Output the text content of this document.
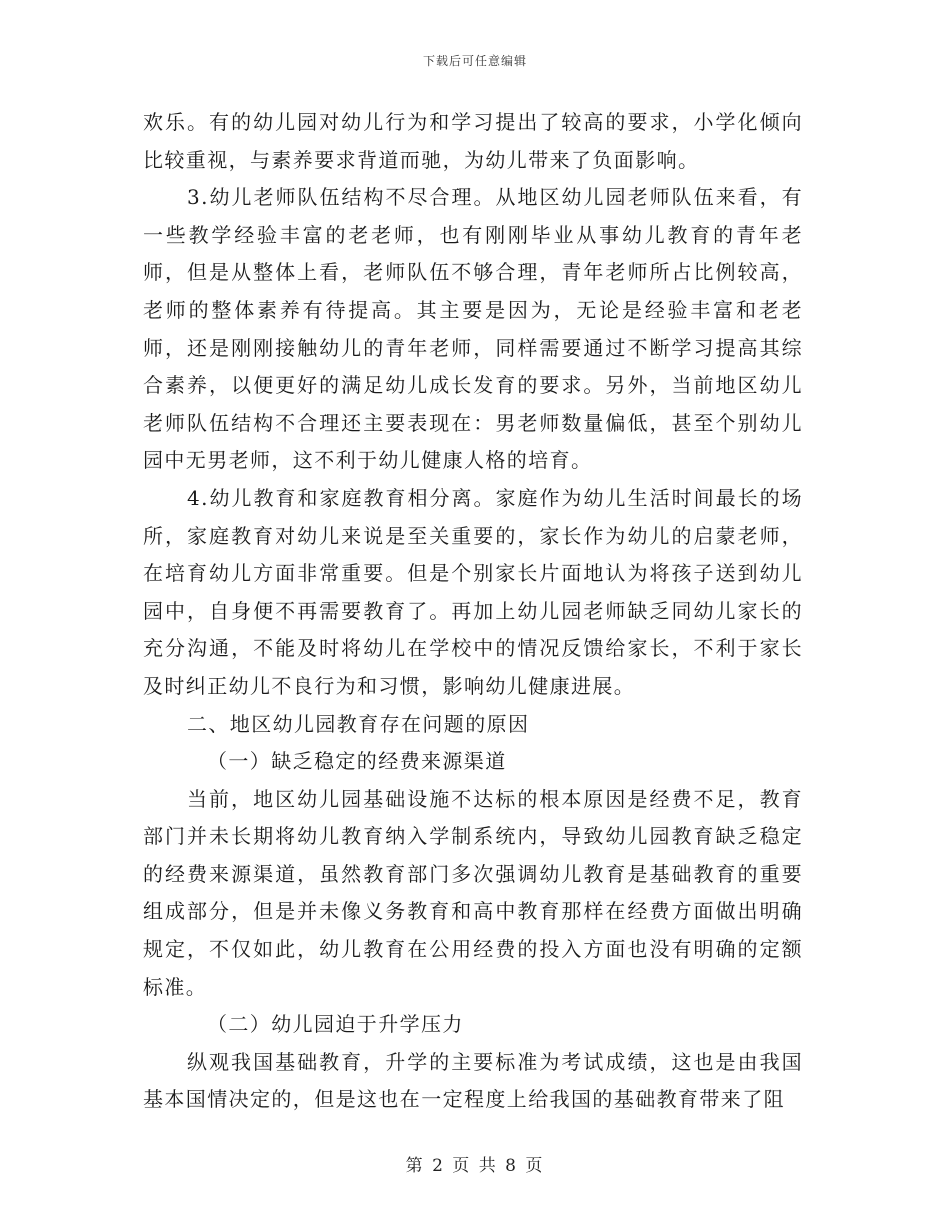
下载后可任意编辑

欢乐。有的幼儿园对幼儿行为和学习提出了较高的要求，小学化倾向比较重视，与素养要求背道而驰，为幼儿带来了负面影响。

3.幼儿老师队伍结构不尽合理。从地区幼儿园老师队伍来看，有一些教学经验丰富的老老师，也有刚刚毕业从事幼儿教育的青年老师，但是从整体上看，老师队伍不够合理，青年老师所占比例较高，老师的整体素养有待提高。其主要是因为，无论是经验丰富和老老师，还是刚刚接触幼儿的青年老师，同样需要通过不断学习提高其综合素养，以便更好的满足幼儿成长发育的要求。另外，当前地区幼儿老师队伍结构不合理还主要表现在：男老师数量偏低，甚至个别幼儿园中无男老师，这不利于幼儿健康人格的培育。

4.幼儿教育和家庭教育相分离。家庭作为幼儿生活时间最长的场所，家庭教育对幼儿来说是至关重要的，家长作为幼儿的启蒙老师，在培育幼儿方面非常重要。但是个别家长片面地认为将孩子送到幼儿园中，自身便不再需要教育了。再加上幼儿园老师缺乏同幼儿家长的充分沟通，不能及时将幼儿在学校中的情况反馈给家长，不利于家长及时纠正幼儿不良行为和习惯，影响幼儿健康进展。

二、地区幼儿园教育存在问题的原因

（一）缺乏稳定的经费来源渠道

当前，地区幼儿园基础设施不达标的根本原因是经费不足，教育部门并未长期将幼儿教育纳入学制系统内，导致幼儿园教育缺乏稳定的经费来源渠道，虽然教育部门多次强调幼儿教育是基础教育的重要组成部分，但是并未像义务教育和高中教育那样在经费方面做出明确规定，不仅如此，幼儿教育在公用经费的投入方面也没有明确的定额标准。

（二）幼儿园迫于升学压力

纵观我国基础教育，升学的主要标准为考试成绩，这也是由我国基本国情决定的，但是这也在一定程度上给我国的基础教育带来了阻

第 2 页 共 8 页
